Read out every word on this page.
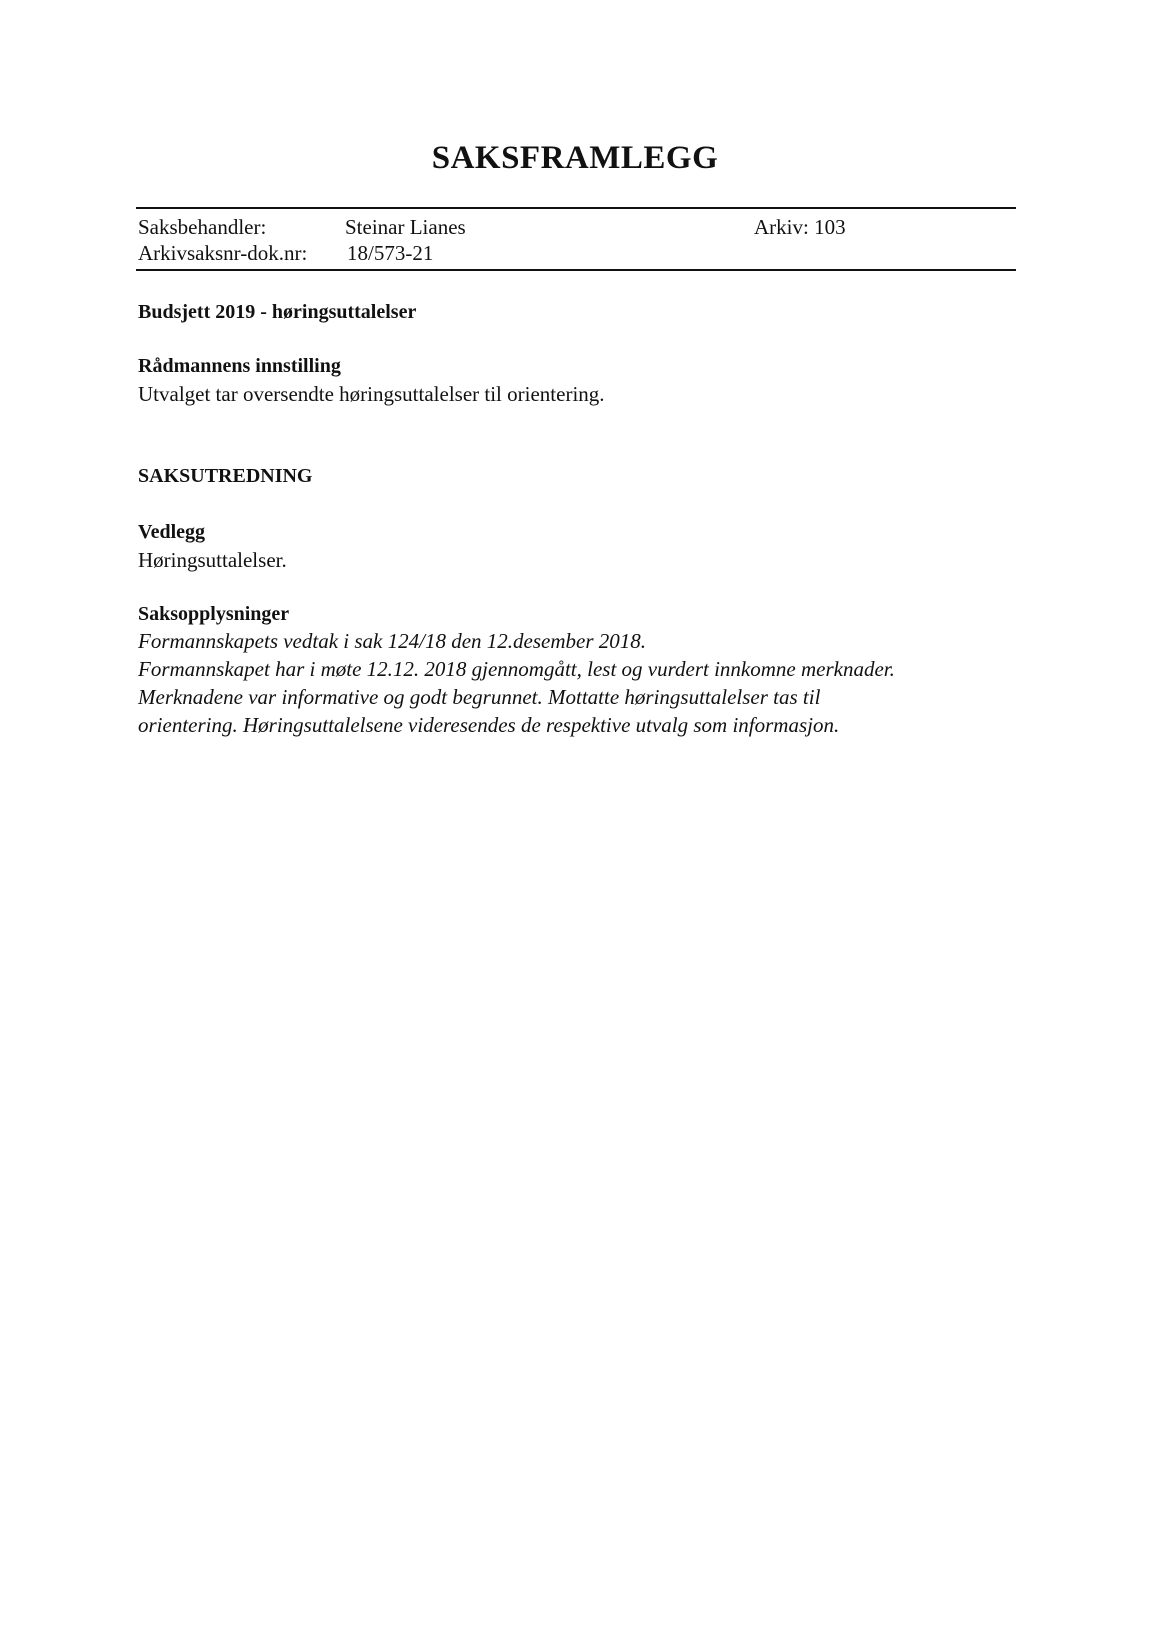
SAKSFRAMLEGG
Saksbehandler:	Steinar Lianes	Arkiv: 103
Arkivsaksnr-dok.nr: 18/573-21
Budsjett 2019 - høringsuttalelser
Rådmannens innstilling
Utvalget tar oversendte høringsuttalelser til orientering.
SAKSUTREDNING
Vedlegg
Høringsuttalelser.
Saksopplysninger
Formannskapets vedtak i sak 124/18 den 12.desember 2018.
Formannskapet har i møte 12.12. 2018 gjennomgått, lest og vurdert innkomne merknader.
Merknadene var informative og godt begrunnet. Mottatte høringsuttalelser tas til
orientering. Høringsuttalelsene videresendes de respektive utvalg som informasjon.
